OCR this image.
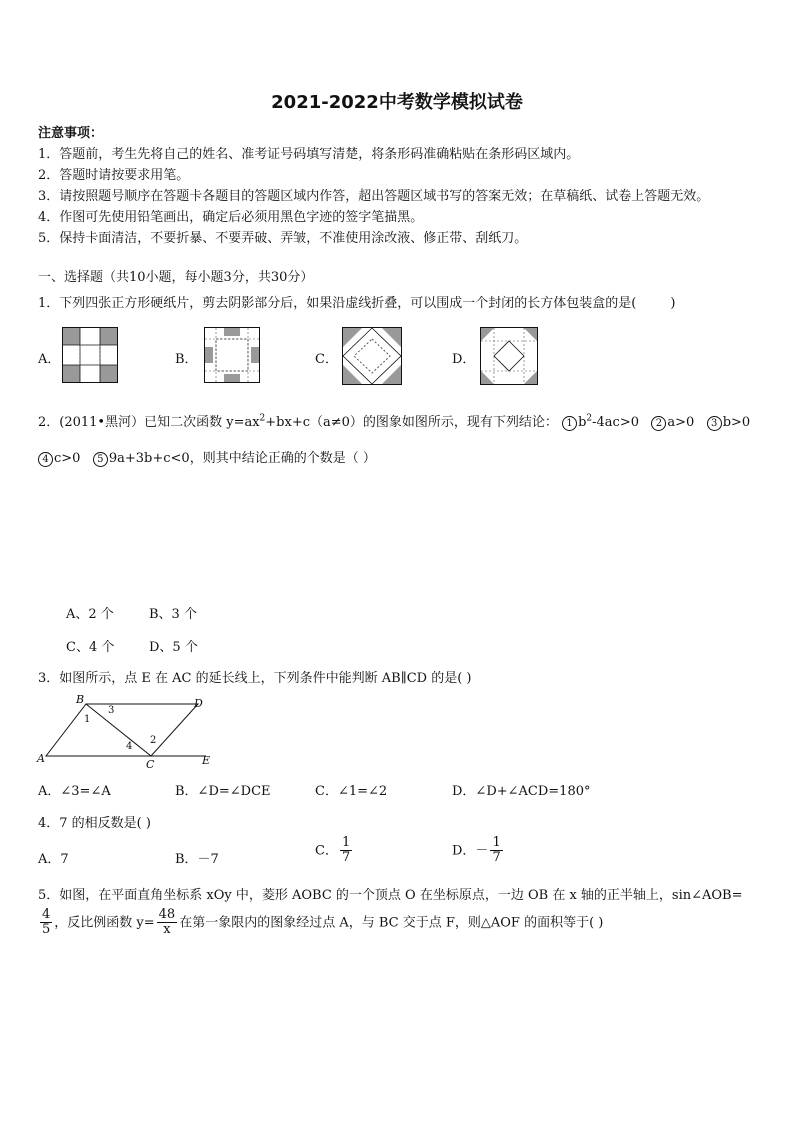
2021-2022中考数学模拟试卷
注意事项：
1．答题前，考生先将自己的姓名、准考证号码填写清楚，将条形码准确粘贴在条形码区域内。
2．答题时请按要求用笔。
3．请按照题号顺序在答题卡各题目的答题区域内作答，超出答题区域书写的答案无效；在草稿纸、试卷上答题无效。
4．作图可先使用铅笔画出，确定后必须用黑色字迹的签字笔描黑。
5．保持卡面清洁，不要折暴、不要弄破、弄皱，不准使用涂改液、修正带、刮纸刀。
一、选择题（共10小题，每小题3分，共30分）
1．下列四张正方形硬纸片，剪去阴影部分后，如果沿虚线折叠，可以围成一个封闭的长方体包装盒的是(	)
A．	B．	C．	D．
2．(2011•黑河）已知二次函数 $y=ax^2+bx+c(a\ne 0)$的图象如图所示，现有下列结论： 1 $b^2-4ac>0$ 2 a>0 3 b>0
4 c>0 5 9a+3b+c<0，则其中结论正确的个数是（ ）
A、2 个	B、3 个
C、4 个	D、5 个
3．如图所示，点 E 在 AC 的延长线上，下列条件中能判断 AB∥CD 的是( )
B	D
A	C	E
1
3
2
4
A．∠3=∠A	B．∠D=∠DCE	C．∠1=∠2	D．∠D+∠ACD=180°
4．7 的相反数是( )
A．7	B．－7
C． $\frac{1}{7}$	D．－ $\frac{1}{7}$
5．如图，在平面直角坐标系 xOy 中，菱形 AOBC 的一个顶点 O 在坐标原点，一边 OB 在 x 轴的正半轴上，sin∠AOB=
$\frac{4}{5}$ ，反比例函数 $y= \frac{48}{x}$ 在第一象限内的图象经过点 A，与 BC 交于点 F，则△AOF 的面积等于( )
